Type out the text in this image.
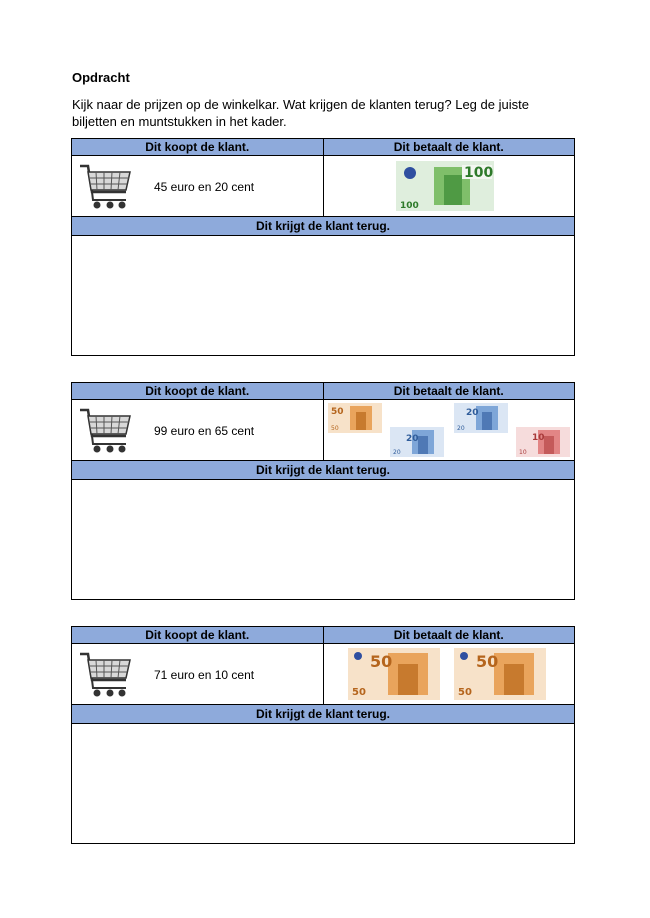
Opdracht
Kijk naar de prijzen op de winkelkar. Wat krijgen de klanten terug? Leg de juiste biljetten en muntstukken in het kader.
Dit koopt de klant.	Dit betaalt de klant.
45 euro en 20 cent
100
100
Dit krijgt de klant terug.
Dit koopt de klant.	Dit betaalt de klant.
99 euro en 65 cent
50
50
20
20
20
20
10
10
Dit krijgt de klant terug.
Dit koopt de klant.	Dit betaalt de klant.
71 euro en 10 cent
50
50
50
50
Dit krijgt de klant terug.
